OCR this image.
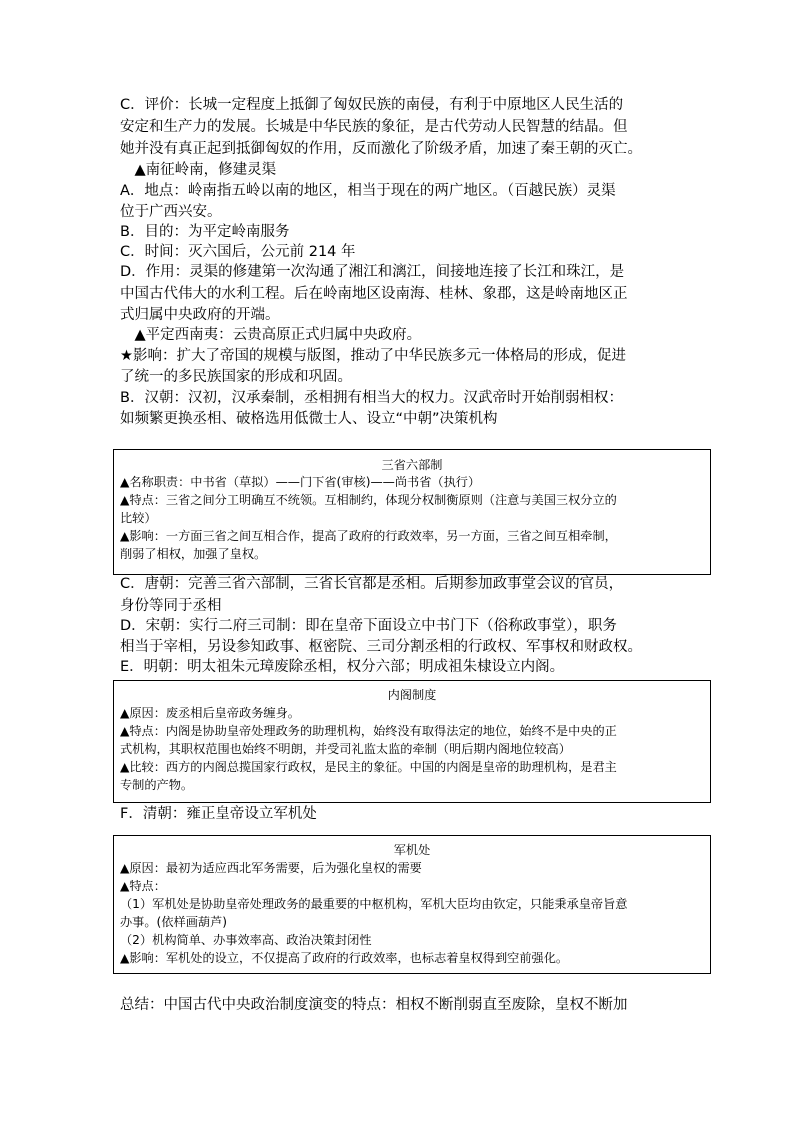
C．评价：长城一定程度上抵御了匈奴民族的南侵，有利于中原地区人民生活的
安定和生产力的发展。长城是中华民族的象征，是古代劳动人民智慧的结晶。但
她并没有真正起到抵御匈奴的作用，反而激化了阶级矛盾，加速了秦王朝的灭亡。
　▲南征岭南，修建灵渠
A．地点：岭南指五岭以南的地区，相当于现在的两广地区。（百越民族）灵渠
位于广西兴安。
B．目的：为平定岭南服务
C．时间：灭六国后，公元前 214 年
D．作用：灵渠的修建第一次沟通了湘江和漓江，间接地连接了长江和珠江，是
中国古代伟大的水利工程。后在岭南地区设南海、桂林、象郡，这是岭南地区正
式归属中央政府的开端。
　▲平定西南夷：云贵高原正式归属中央政府。
★影响：扩大了帝国的规模与版图，推动了中华民族多元一体格局的形成，促进
了统一的多民族国家的形成和巩固。
B．汉朝：汉初，汉承秦制，丞相拥有相当大的权力。汉武帝时开始削弱相权：
如频繁更换丞相、破格选用低微士人、设立“中朝”决策机构
三省六部制
▲名称职责：中书省（草拟）——门下省(审核)——尚书省（执行）
▲特点：三省之间分工明确互不统领。互相制约，体现分权制衡原则（注意与美国三权分立的
比较）
▲影响：一方面三省之间互相合作，提高了政府的行政效率，另一方面，三省之间互相牵制，
削弱了相权，加强了皇权。
C．唐朝：完善三省六部制，三省长官都是丞相。后期参加政事堂会议的官员，
身份等同于丞相
D．宋朝：实行二府三司制：即在皇帝下面设立中书门下（俗称政事堂），职务
相当于宰相，另设参知政事、枢密院、三司分割丞相的行政权、军事权和财政权。
E．明朝：明太祖朱元璋废除丞相，权分六部；明成祖朱棣设立内阁。
内阁制度
▲原因：废丞相后皇帝政务缠身。
▲特点：内阁是协助皇帝处理政务的助理机构，始终没有取得法定的地位，始终不是中央的正
式机构，其职权范围也始终不明朗，并受司礼监太监的牵制（明后期内阁地位较高）
▲比较：西方的内阁总揽国家行政权，是民主的象征。中国的内阁是皇帝的助理机构，是君主
专制的产物。
F．清朝：雍正皇帝设立军机处
军机处
▲原因：最初为适应西北军务需要，后为强化皇权的需要
▲特点：
（1）军机处是协助皇帝处理政务的最重要的中枢机构，军机大臣均由钦定，只能秉承皇帝旨意
办事。(依样画葫芦)
（2）机构简单、办事效率高、政治决策封闭性
▲影响：军机处的设立，不仅提高了政府的行政效率，也标志着皇权得到空前强化。
总结：中国古代中央政治制度演变的特点：相权不断削弱直至废除，皇权不断加
